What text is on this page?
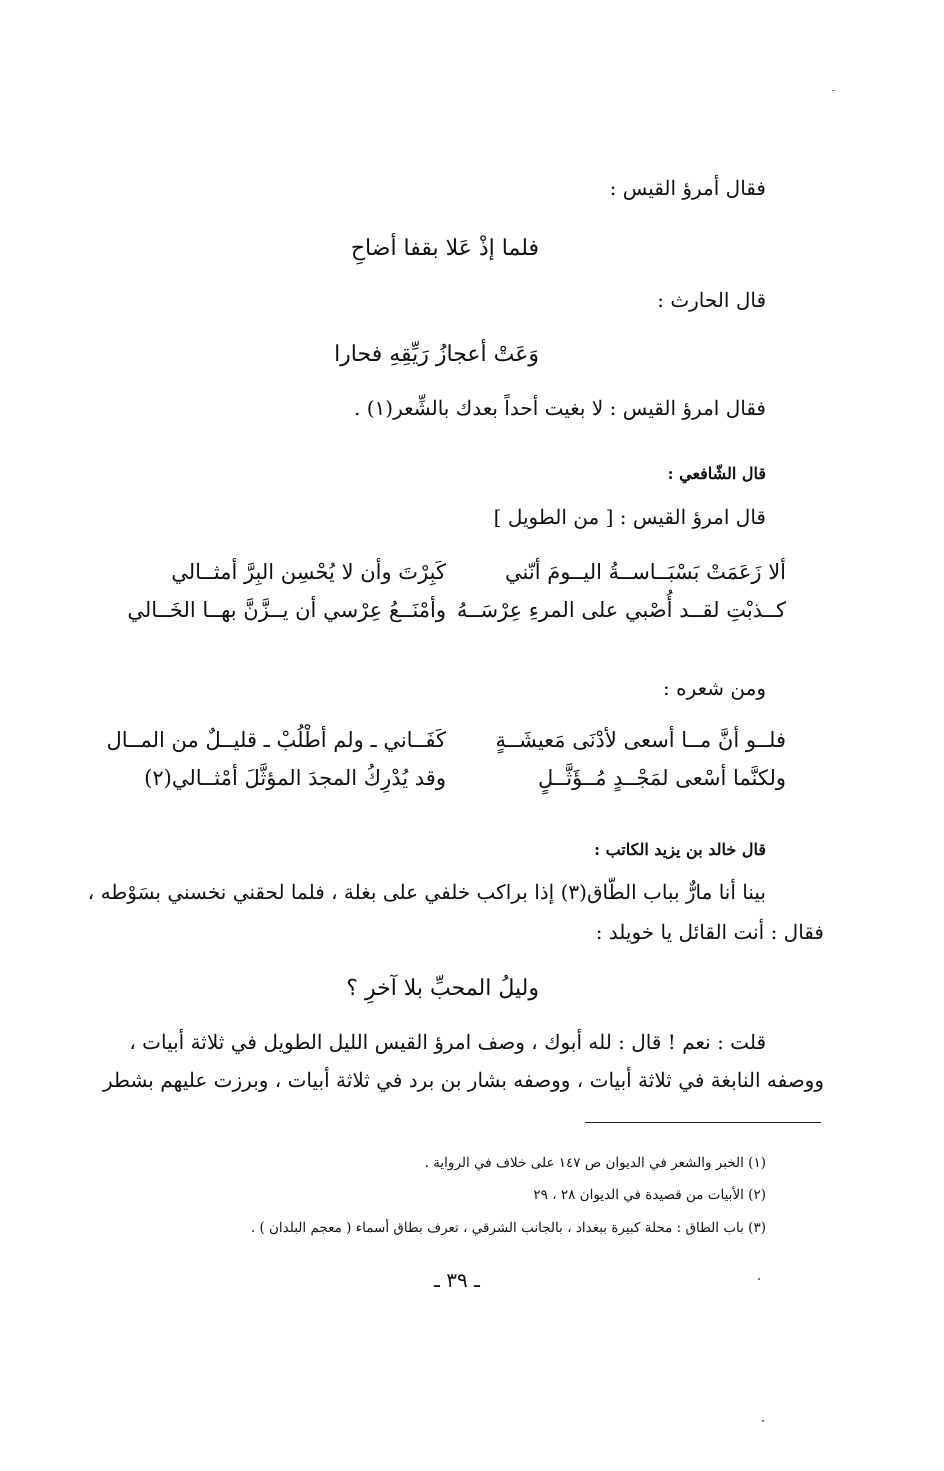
فقال أمرؤ القيس :
فلما إذْ عَلا بقفا أضاحِ
قال الحارث :
وَعَتْ أعجازُ رَيِّقِهِ فحارا
فقال امرؤ القيس : لا بغيت أحداً بعدك بالشِّعر(١) .
قال الشّافعي :
قال امرؤ القيس : [ من الطويل ]
ألا زَعَمَتْ بَسْبَــاســةُ اليــومَ أنّني
كَبِرْتَ وأن لا يُحْسِن البِرَّ أمثــالي
كــذبْتِ لقــد أُصْبي على المرءِ عِرْسَــهُ
وأمْنَــعُ عِرْسي أن يــزَّنَّ بهــا الخَــالي
ومن شعره :
فلــو أنَّ مــا أسعى لأدْنَى مَعيشَــةٍ
كَفَــاني ـ ولم أطْلُبْ ـ قليــلٌ من المــال
ولكنَّما أسْعى لمَجْــدٍ مُــؤَثَّــلٍ
وقد يُدْرِكُ المجدَ المؤثَّلَ أمْثــالي(٢)
قال خالد بن يزيد الكاتب :
بينا أنا مارٌّ بباب الطّاق(٣) إذا براكب خلفي على بغلة ، فلما لحقني نخسني بسَوْطه ،
فقال : أنت القائل يا خويلد :
وليلُ المحبِّ بلا آخرِ ؟
قلت : نعم ! قال : لله أبوك ، وصف امرؤ القيس الليل الطويل في ثلاثة أبيات ،
ووصفه النابغة في ثلاثة أبيات ، ووصفه بشار بن برد في ثلاثة أبيات ، وبرزت عليهم بشطر
(١) الخبر والشعر في الديوان ص ١٤٧ على خلاف في الرواية .
(٢) الأبيات من قصيدة في الديوان ٢٨ ، ٢٩
(٣) باب الطاق : محلة كبيرة ببغداد ، بالجانب الشرقي ، تعرف بطاق أسماء ( معجم البلدان ) .
ـ ٣٩ ـ
